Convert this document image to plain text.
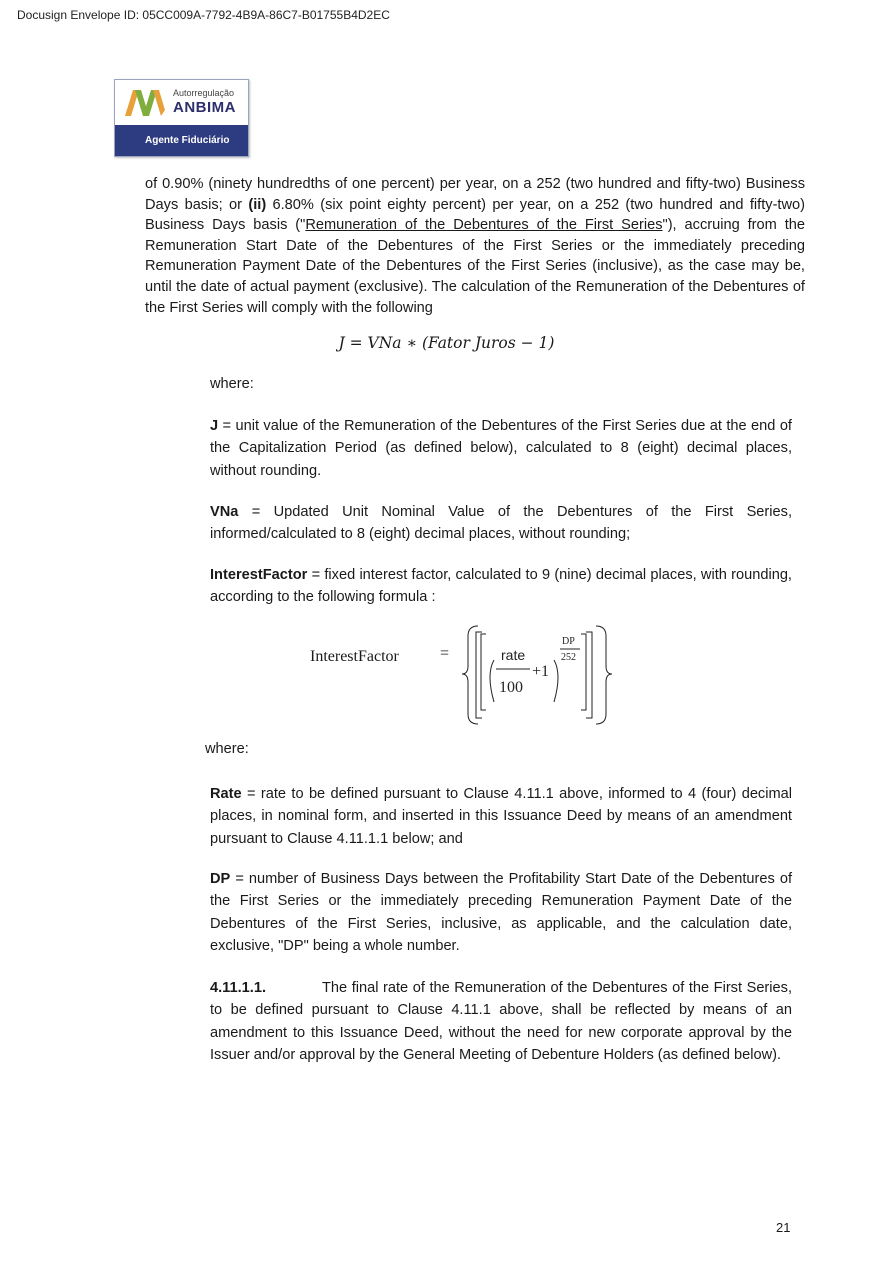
Docusign Envelope ID: 05CC009A-7792-4B9A-86C7-B01755B4D2EC
Autorregulação
ANBIMA
Agente Fiduciário

of 0.90% (ninety hundredths of one percent) per year, on a 252 (two hundred and fifty-two) Business Days basis; or (ii) 6.80% (six point eighty percent) per year, on a 252 (two hundred and fifty-two) Business Days basis ("Remuneration of the Debentures of the First Series"), accruing from the Remuneration Start Date of the Debentures of the First Series or the immediately preceding Remuneration Payment Date of the Debentures of the First Series (inclusive), as the case may be, until the date of actual payment (exclusive). The calculation of the Remuneration of the Debentures of the First Series will comply with the following

J = VNa ∗ (Fator Juros − 1)
where:

J = unit value of the Remuneration of the Debentures of the First Series due at the end of the Capitalization Period (as defined below), calculated to 8 (eight) decimal places, without rounding.

VNa = Updated Unit Nominal Value of the Debentures of the First Series, informed/calculated to 8 (eight) decimal places, without rounding;

InterestFactor = fixed interest factor, calculated to 9 (nine) decimal places, with rounding, according to the following formula :

InterestFactor	=	rate
100
+1
DP
252
where:

Rate = rate to be defined pursuant to Clause 4.11.1 above, informed to 4 (four) decimal places, in nominal form, and inserted in this Issuance Deed by means of an amendment pursuant to Clause 4.11.1.1 below; and

DP = number of Business Days between the Profitability Start Date of the Debentures of the First Series or the immediately preceding Remuneration Payment Date of the Debentures of the First Series, inclusive, as applicable, and the calculation date, exclusive, "DP" being a whole number.

4.11.1.1.	The final rate of the Remuneration of the Debentures of the First Series, to be defined pursuant to Clause 4.11.1 above, shall be reflected by means of an amendment to this Issuance Deed, without the need for new corporate approval by the Issuer and/or approval by the General Meeting of Debenture Holders (as defined below).

21
